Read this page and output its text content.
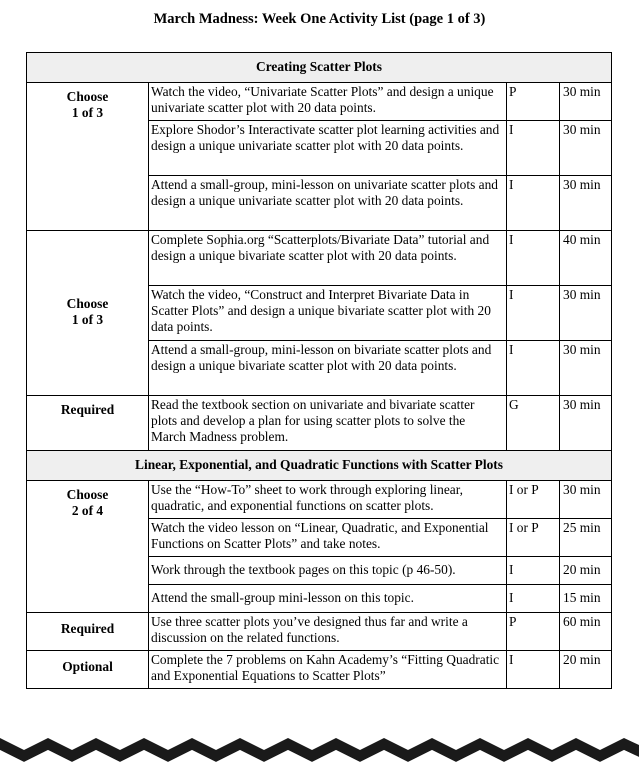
March Madness: Week One Activity List (page 1 of 3)
Creating Scatter Plots			

Choose
1 of 3	Watch the video, “Univariate Scatter Plots” and design a unique univariate scatter plot with 20 data points.	P	30 min
	Explore Shodor’s Interactivate scatter plot learning activities and design a unique univariate scatter plot with 20 data points.	I	30 min
	Attend a small-group, mini-lesson on univariate scatter plots and design a unique univariate scatter plot with 20 data points.	I	30 min

Choose
1 of 3	Complete Sophia.org “Scatterplots/Bivariate Data” tutorial and design a unique bivariate scatter plot with 20 data points.	I	40 min
	Watch the video, “Construct and Interpret Bivariate Data in Scatter Plots” and design a unique bivariate scatter plot with 20 data points.	I	30 min
	Attend a small-group, mini-lesson on bivariate scatter plots and design a unique bivariate scatter plot with 20 data points.	I	30 min

Required	Read the textbook section on univariate and bivariate scatter plots and develop a plan for using scatter plots to solve the March Madness problem.	G	30 min
Linear, Exponential, and Quadratic Functions with Scatter Plots			

Choose
2 of 4	Use the “How-To” sheet to work through exploring linear, quadratic, and exponential functions on scatter plots.	I or P	30 min
	Watch the video lesson on “Linear, Quadratic, and Exponential Functions on Scatter Plots” and take notes.	I or P	25 min
	Work through the textbook pages on this topic (p 46-50).	I	20 min
	Attend the small-group mini-lesson on this topic.	I	15 min

Required	Use three scatter plots you’ve designed thus far and write a discussion on the related functions.	P	60 min

Optional	Complete the 7 problems on Kahn Academy’s “Fitting Quadratic and Exponential Equations to Scatter Plots”	I	20 min
